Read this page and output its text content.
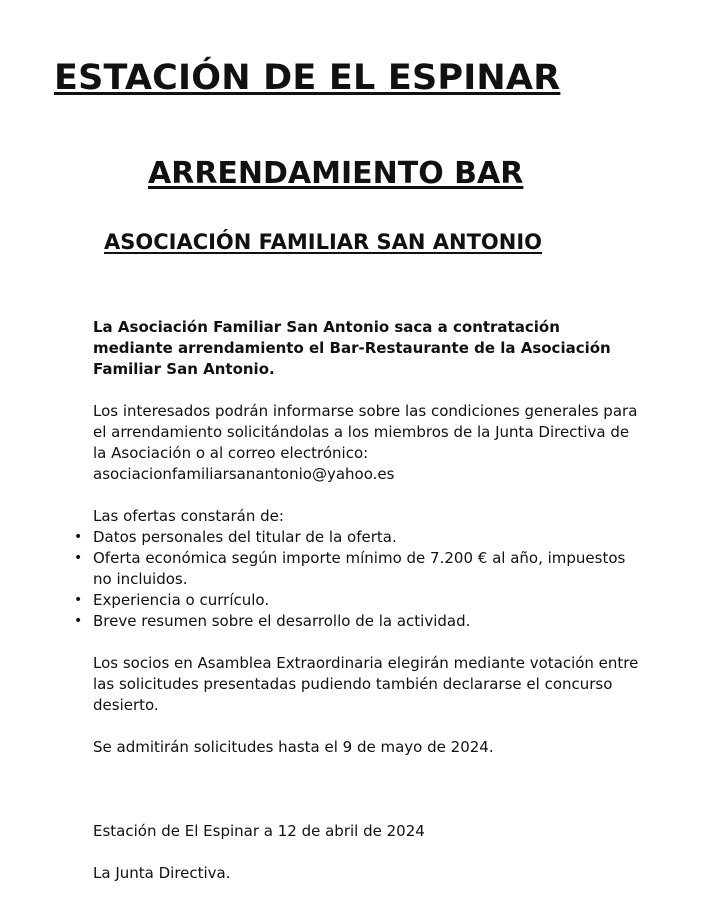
ESTACIÓN DE EL ESPINAR
ARRENDAMIENTO BAR
ASOCIACIÓN FAMILIAR SAN ANTONIO

La Asociación Familiar San Antonio saca a contratación

mediante arrendamiento el Bar-Restaurante de la Asociación

Familiar San Antonio.

Los interesados podrán informarse sobre las condiciones generales para

el arrendamiento solicitándolas a los miembros de la Junta Directiva de

la Asociación o al correo electrónico:

asociacionfamiliarsanantonio@yahoo.es

Las ofertas constarán de:

• Datos personales del titular de la oferta.
• Oferta económica según importe mínimo de 7.200 € al año, impuestos
no incluidos.
• Experiencia o currículo.
• Breve resumen sobre el desarrollo de la actividad.

Los socios en Asamblea Extraordinaria elegirán mediante votación entre

las solicitudes presentadas pudiendo también declararse el concurso

desierto.

Se admitirán solicitudes hasta el 9 de mayo de 2024.

Estación de El Espinar a 12 de abril de 2024

La Junta Directiva.
